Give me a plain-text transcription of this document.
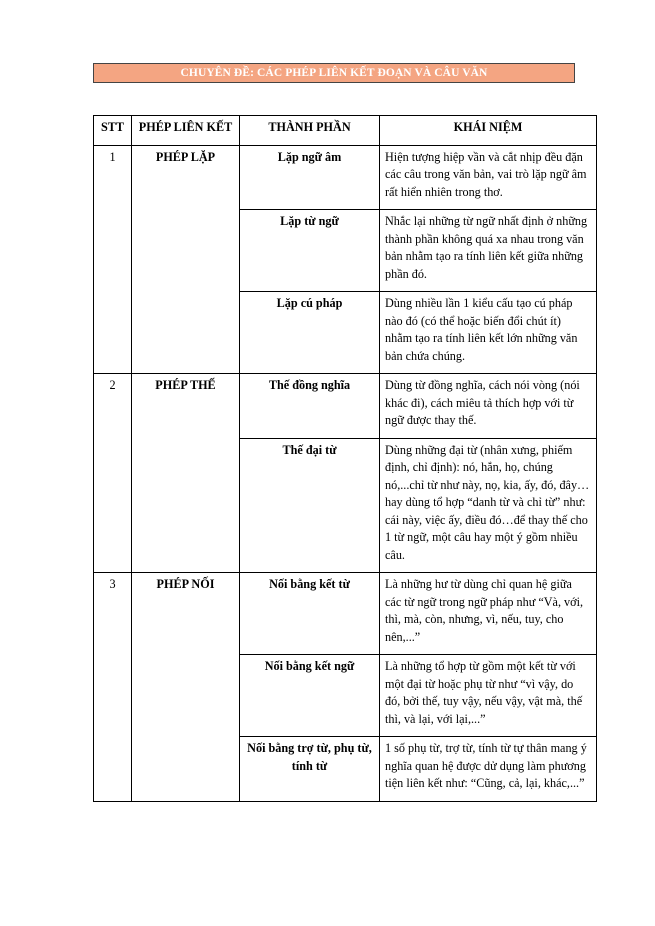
CHUYÊN ĐỀ: CÁC PHÉP LIÊN KẾT ĐOẠN VÀ CÂU VĂN
STT	PHÉP LIÊN KẾT	THÀNH PHẦN	KHÁI NIỆM
1	PHÉP LẶP	Lặp ngữ âm	Hiện tượng hiệp vần và cắt nhịp đều đặn các câu trong văn bản, vai trò lặp ngữ âm rất hiển nhiên trong thơ.
		Lặp từ ngữ	Nhắc lại những từ ngữ nhất định ở những thành phần không quá xa nhau trong văn bản nhằm tạo ra tính liên kết giữa những phần đó.
		Lặp cú pháp	Dùng nhiều lần 1 kiểu cấu tạo cú pháp nào đó (có thể hoặc biến đổi chút ít) nhằm tạo ra tính liên kết lớn những văn bản chứa chúng.
2	PHÉP THẾ	Thế đồng nghĩa	Dùng từ đồng nghĩa, cách nói vòng (nói khác đi), cách miêu tả thích hợp với từ ngữ được thay thế.
		Thế đại từ	Dùng những đại từ (nhân xưng, phiếm định, chỉ định): nó, hắn, họ, chúng nó,...chỉ từ như này, nọ, kia, ấy, đó, đây… hay dùng tổ hợp “danh từ và chỉ từ” như: cái này, việc ấy, điều đó…để thay thế cho 1 từ ngữ, một câu hay một ý gồm nhiều câu.
3	PHÉP NỐI	Nối bằng kết từ	Là những hư từ dùng chỉ quan hệ giữa các từ ngữ trong ngữ pháp như “Và, với, thì, mà, còn, nhưng, vì, nếu, tuy, cho nên,...”
		Nối bằng kết ngữ	Là những tổ hợp từ gồm một kết từ với một đại từ hoặc phụ từ như “vì vậy, do đó, bởi thế, tuy vậy, nếu vậy, vật mà, thế thì, và lại, với lại,...”
		Nối bằng trợ từ, phụ từ, tính từ	1 số phụ từ, trợ từ, tính từ tự thân mang ý nghĩa quan hệ được dử dụng làm phương tiện liên kết như: “Cũng, cả, lại, khác,...”
